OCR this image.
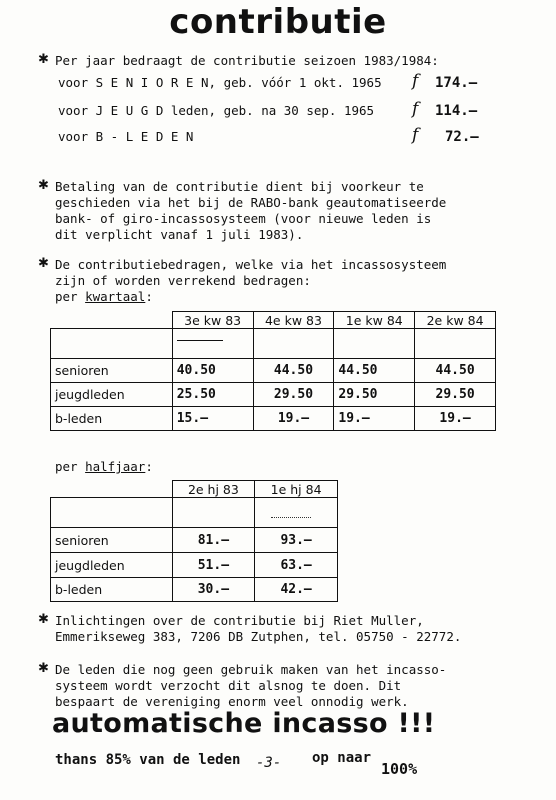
contributie
✱ Per jaar bedraagt de contributie seizoen 1983/1984:
voor S E N I O R E N, geb. vóór 1 okt. 1965 f 174.–
voor J E U G D leden, geb. na 30 sep. 1965 f 114.–
voor B - L E D E N	f 72.–
✱ Betaling van de contributie dient bij voorkeur te
geschieden via het bij de RABO-bank geautomatiseerde
bank- of giro-incassosysteem (voor nieuwe leden is
dit verplicht vanaf 1 juli 1983).
✱ De contributiebedragen, welke via het incassosysteem
zijn of worden verrekend bedragen:
per kwartaal:
	3e kw 83	4e kw 83	1e kw 84	2e kw 84

senioren	40.50	44.50	44.50	44.50
jeugdleden	25.50	29.50	29.50	29.50
b-leden	15.–	19.–	19.–	19.–
per halfjaar:
	2e hj 83	1e hj 84

senioren	81.–	93.–
jeugdleden	51.–	63.–
b-leden	30.–	42.–
✱ Inlichtingen over de contributie bij Riet Muller,
Emmerikseweg 383, 7206 DB Zutphen, tel. 05750 - 22772.
✱ De leden die nog geen gebruik maken van het incasso-
systeem wordt verzocht dit alsnog te doen. Dit
bespaart de vereniging enorm veel onnodig werk.
automatische incasso !!!
thans 85% van de leden -3- op naar
100%
